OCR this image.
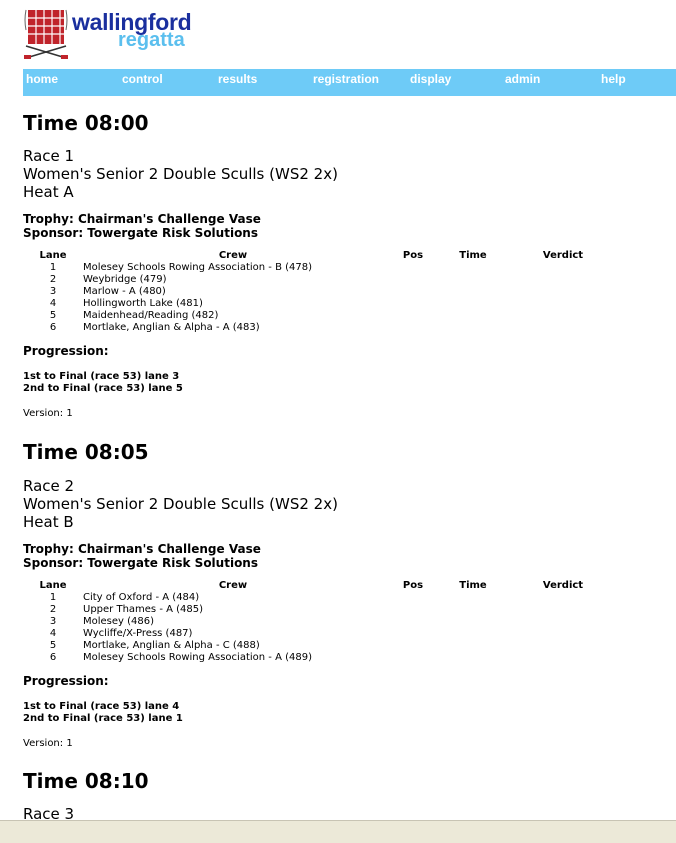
wallingford
regatta
home	control	results	registration	display	admin	help
Time 08:00
Race 1
Women's Senior 2 Double Sculls (WS2 2x)
Heat A
Trophy: Chairman's Challenge Vase
Sponsor: Towergate Risk Solutions
Lane	Crew	Pos	Time	Verdict
1	Molesey Schools Rowing Association - B (478)			
2	Weybridge (479)			
3	Marlow - A (480)			
4	Hollingworth Lake (481)			
5	Maidenhead/Reading (482)			
6	Mortlake, Anglian & Alpha - A (483)			
Progression:
1st to Final (race 53) lane 3
2nd to Final (race 53) lane 5
Version: 1
Time 08:05
Race 2
Women's Senior 2 Double Sculls (WS2 2x)
Heat B
Trophy: Chairman's Challenge Vase
Sponsor: Towergate Risk Solutions
Lane	Crew	Pos	Time	Verdict
1	City of Oxford - A (484)			
2	Upper Thames - A (485)			
3	Molesey (486)			
4	Wycliffe/X-Press (487)			
5	Mortlake, Anglian & Alpha - C (488)			
6	Molesey Schools Rowing Association - A (489)			
Progression:
1st to Final (race 53) lane 4
2nd to Final (race 53) lane 1
Version: 1
Time 08:10
Race 3
